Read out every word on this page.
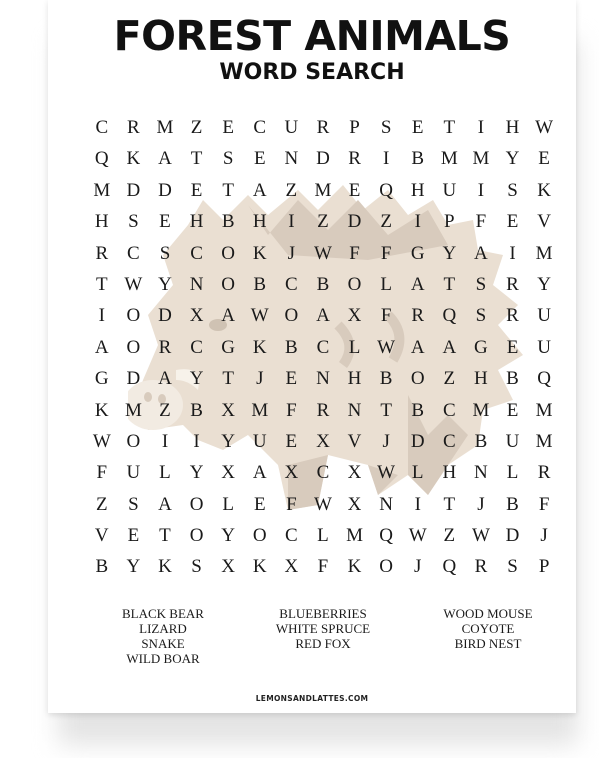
FOREST ANIMALS
WORD SEARCH
C R M Z	E	C U R	P	S	E	T	I	H W
Q K A T	S	E N D R	I	B M M Y E
M D D E	T A Z M E Q H U	I	S	K
H	S	E H B H	I	Z D Z	I	P	F	E V
R C	S	C O K	J W F	F	G Y A	I	M
T W Y N O B C B O L A T	S	R Y
I	O D X A W O A X	F	R Q	S	R U
A O R C G K B C	L W A A G E U
G D A Y T	J	E N H B O Z H B Q
K M Z	B X M F	R N T	B C M E M
W O	I	I	Y U E X V	J	D C B U M
F	U L Y X A X C X W L H N L	R
Z	S	A O L	E	F W X N	I	T	J	B	F
V E	T O Y O C	L M Q W Z W D	J
B Y K	S	X K X	F	K O	J	Q R	S	P
BLACK BEAR
LIZARD
SNAKE
WILD BOAR
BLUEBERRIES
WHITE SPRUCE
RED FOX
WOOD MOUSE
COYOTE
BIRD NEST
LEMONSANDLATTES.COM
